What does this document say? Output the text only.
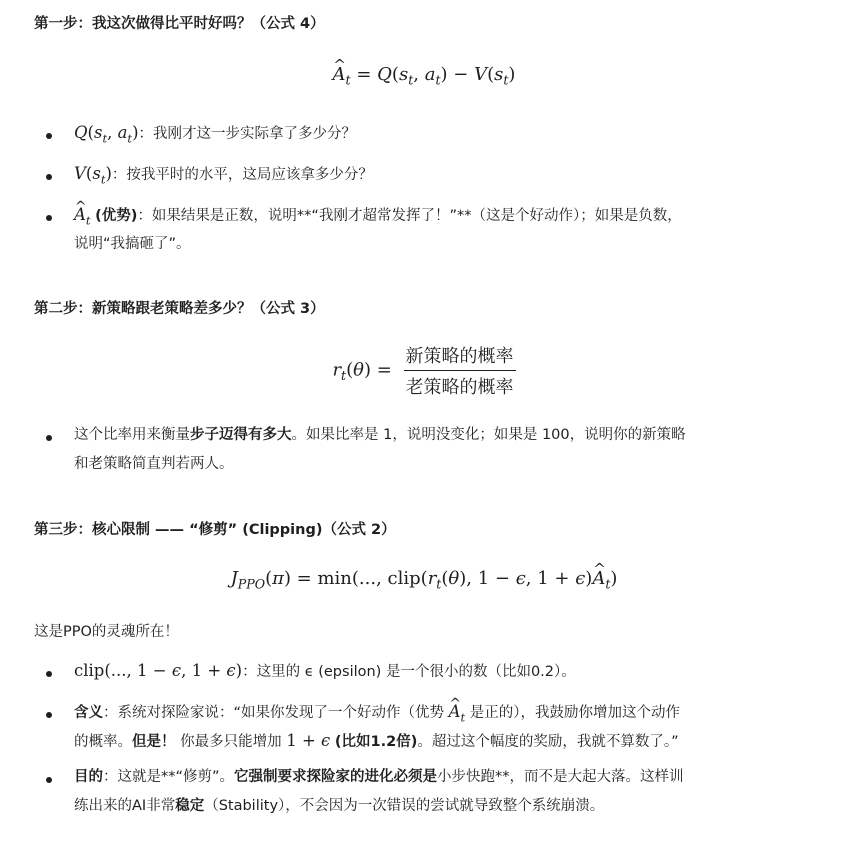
第一步：我这次做得比平时好吗？（公式 4）
^ $A_t = Q(s_t$, $a_t) - V(s_t)$
$Q(s_t$, $a_t$)：我刚才这一步实际拿了多少分？
$V(s_t)$：按我平时的水平，这局应该拿多少分？
^ $A_t$ (优势)：如果结果是正数，说明**“我刚才超常发挥了！”**（这是个好动作）；如果是负数，
说明“我搞砸了”。
第二步：新策略跟老策略差多少？（公式 3）
$r_t(\theta) = \frac{\text{新策略的概率}}{\text{老策略的概率}}$
这个比率用来衡量步子迈得有多大。如果比率是 1，说明没变化；如果是 100，说明你的新策略
和老策略简直判若两人。
第三步：核心限制 —— “修剪” (Clipping)（公式 2）
$J_{PPO}(\pi) = \min$(..., $clip(r_t(\theta)$, 1 − ϵ, 1 + ϵ)^ $A_t$)
这是PPO的灵魂所在！
clip(..., 1 − ϵ, 1 + ϵ)：这里的 ϵ (epsilon) 是一个很小的数（比如0.2）。
含义：系统对探险家说：“如果你发现了一个好动作（优势 ^ $A_t$ 是正的），我鼓励你增加这个动作
的概率。但是！ 你最多只能增加 1 + ϵ (比如1.2倍)。超过这个幅度的奖励，我就不算数了。”
目的：这就是**“修剪”。它强制要求探险家的进化必须是小步快跑**，而不是大起大落。这样训
练出来的AI非常稳定（Stability），不会因为一次错误的尝试就导致整个系统崩溃。
